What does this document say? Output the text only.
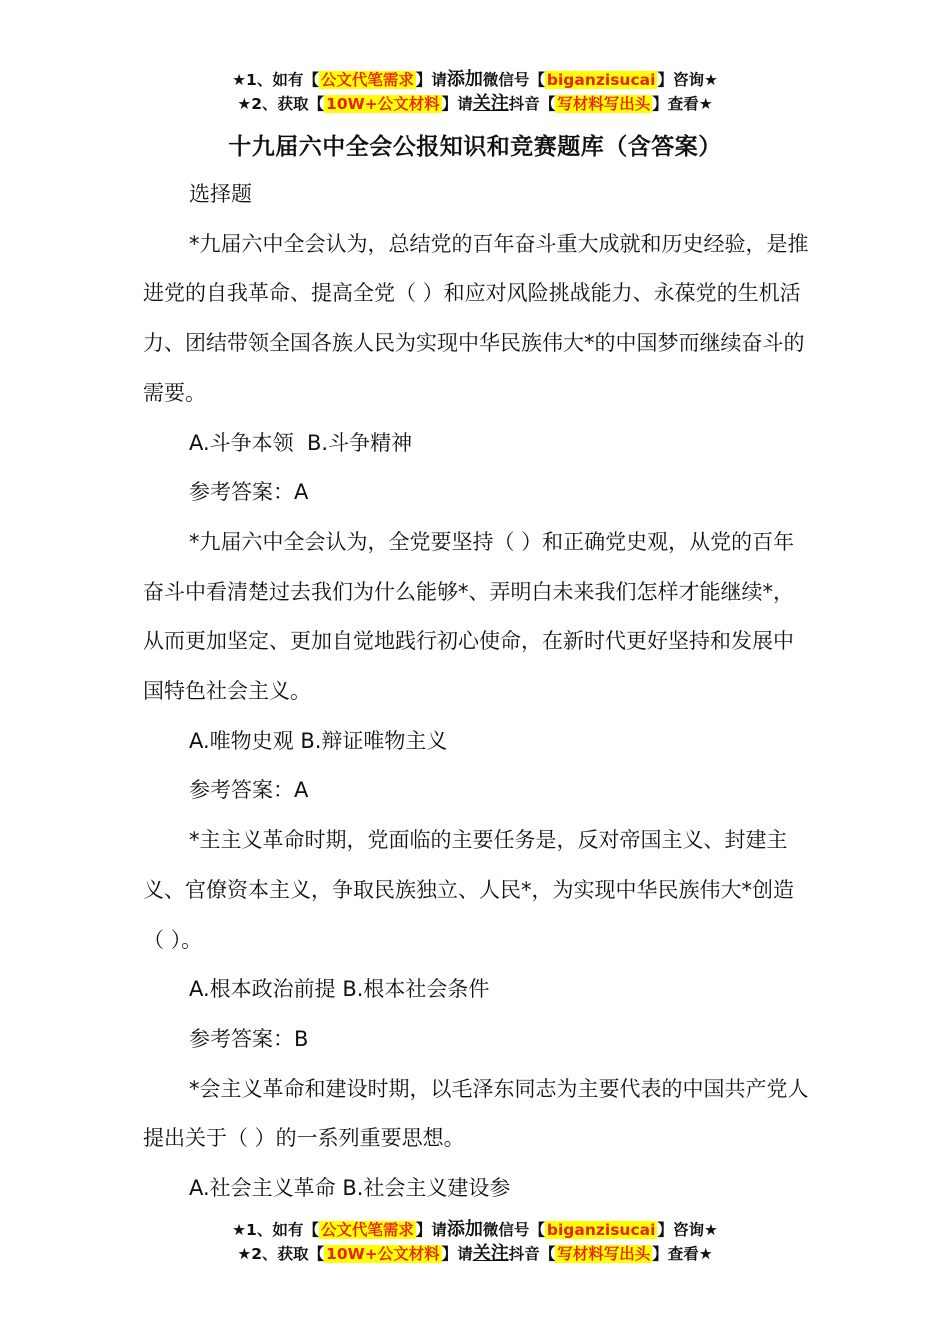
★1、如有【 公文代笔需求 】请添加微信号【 biganzisucai 】咨询★
★2、获取【 10W+公文材料 】请关注抖音【 写材料写出头 】查看★
十九届六中全会公报知识和竞赛题库（含答案）

选择题

*九届六中全会认为，总结党的百年奋斗重大成就和历史经验，是推进党的自我革命、提高全党（ ）和应对风险挑战能力、永葆党的生机活力、团结带领全国各族人民为实现中华民族伟大*的中国梦而继续奋斗的需要。

A.斗争本领  B.斗争精神

参考答案：A

*九届六中全会认为，全党要坚持（ ）和正确党史观，从党的百年奋斗中看清楚过去我们为什么能够*、弄明白未来我们怎样才能继续*，从而更加坚定、更加自觉地践行初心使命，在新时代更好坚持和发展中国特色社会主义。

A.唯物史观 B.辩证唯物主义

参考答案：A

*主主义革命时期，党面临的主要任务是，反对帝国主义、封建主义、官僚资本主义，争取民族独立、人民*，为实现中华民族伟大*创造（ ）。

A.根本政治前提 B.根本社会条件

参考答案：B

*会主义革命和建设时期，以毛泽东同志为主要代表的中国共产党人提出关于（ ）的一系列重要思想。

A.社会主义革命 B.社会主义建设参

★1、如有【 公文代笔需求 】请添加微信号【 biganzisucai 】咨询★
★2、获取【 10W+公文材料 】请关注抖音【 写材料写出头 】查看★
